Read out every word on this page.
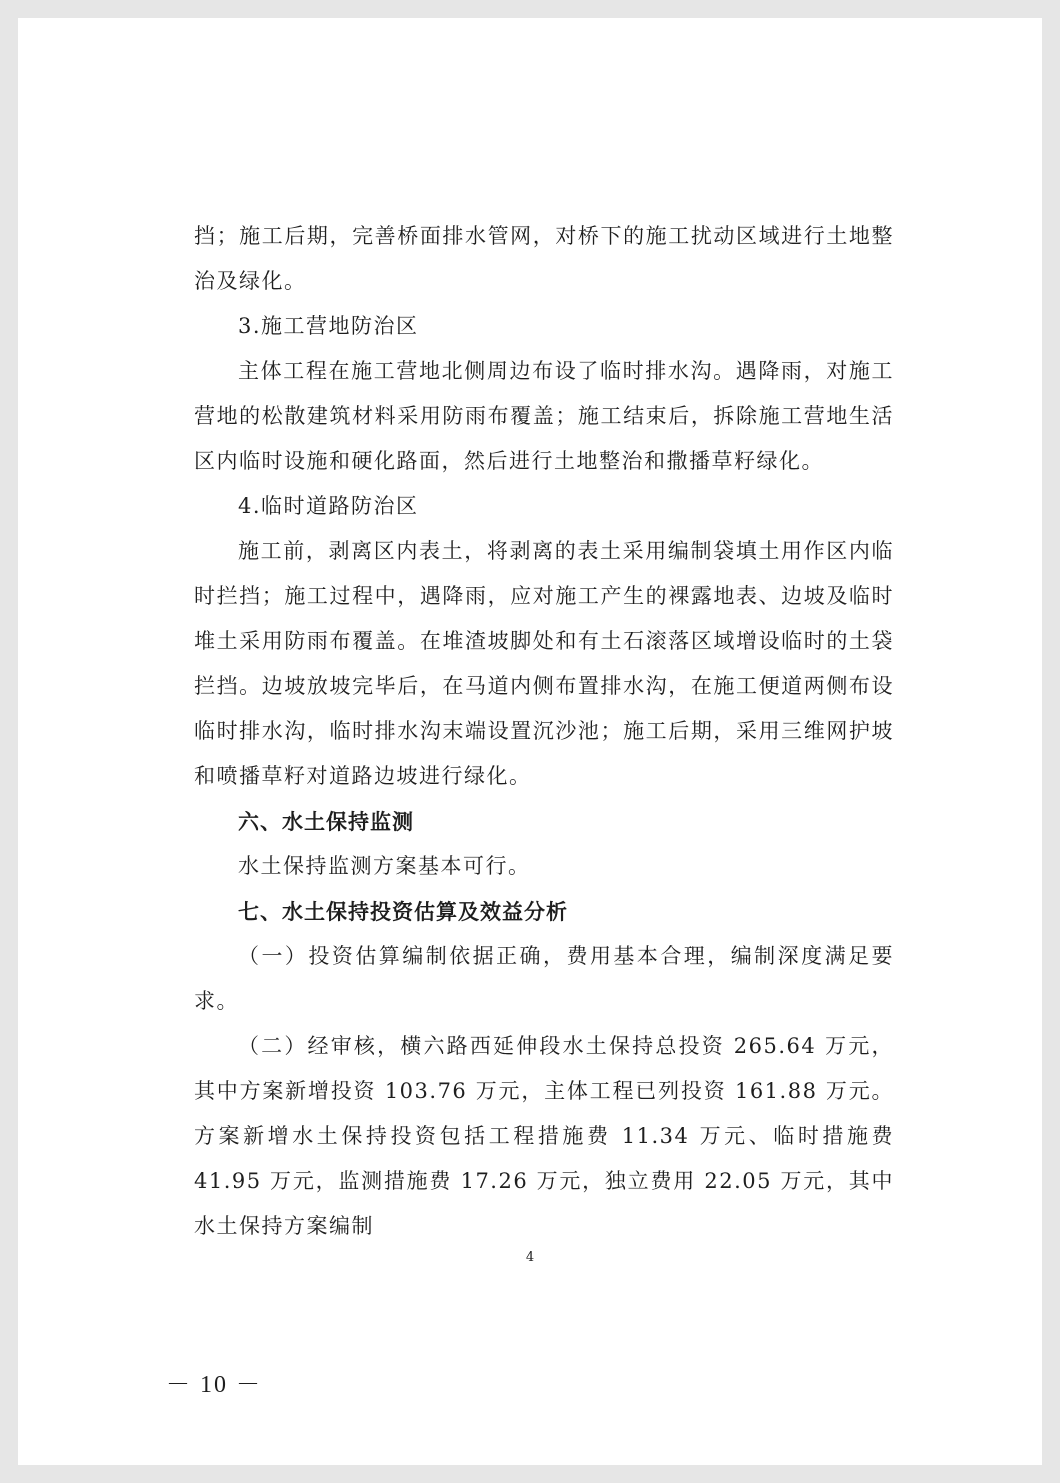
挡；施工后期，完善桥面排水管网，对桥下的施工扰动区域进行土地整治及绿化。

3.施工营地防治区

主体工程在施工营地北侧周边布设了临时排水沟。遇降雨，对施工营地的松散建筑材料采用防雨布覆盖；施工结束后，拆除施工营地生活区内临时设施和硬化路面，然后进行土地整治和撒播草籽绿化。

4.临时道路防治区

施工前，剥离区内表土，将剥离的表土采用编制袋填土用作区内临时拦挡；施工过程中，遇降雨，应对施工产生的裸露地表、边坡及临时堆土采用防雨布覆盖。在堆渣坡脚处和有土石滚落区域增设临时的土袋拦挡。边坡放坡完毕后，在马道内侧布置排水沟，在施工便道两侧布设临时排水沟，临时排水沟末端设置沉沙池；施工后期，采用三维网护坡和喷播草籽对道路边坡进行绿化。

六、水土保持监测

水土保持监测方案基本可行。

七、水土保持投资估算及效益分析

（一）投资估算编制依据正确，费用基本合理，编制深度满足要求。

（二）经审核，横六路西延伸段水土保持总投资 265.64 万元，其中方案新增投资 103.76 万元，主体工程已列投资 161.88 万元。方案新增水土保持投资包括工程措施费 11.34 万元、临时措施费 41.95 万元，监测措施费 17.26 万元，独立费用 22.05 万元，其中水土保持方案编制

4
－ 10 －
